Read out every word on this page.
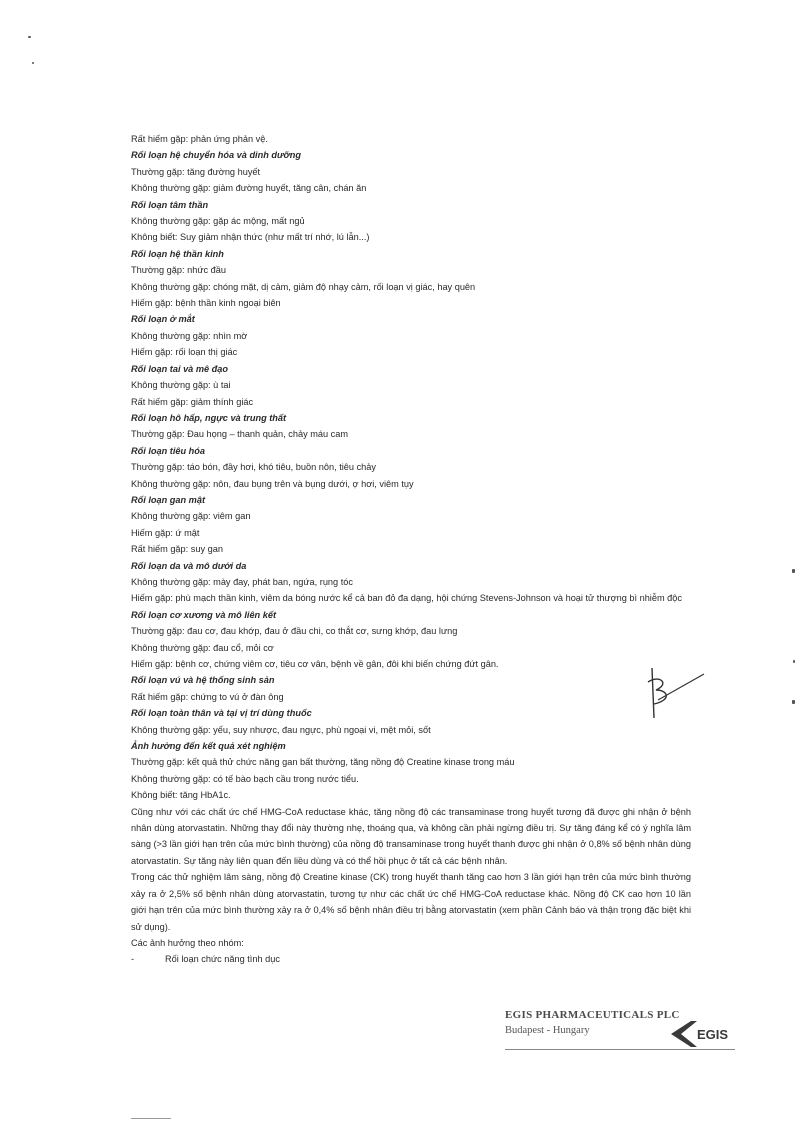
Rất hiếm gặp: phản ứng phản vệ.
Rối loạn hệ chuyển hóa và dinh dưỡng
Thường gặp: tăng đường huyết
Không thường gặp: giảm đường huyết, tăng cân, chán ăn
Rối loạn tâm thần
Không thường gặp: gặp ác mộng, mất ngủ
Không biết: Suy giảm nhận thức (như mất trí nhớ, lú lẫn...)
Rối loạn hệ thần kinh
Thường gặp: nhức đầu
Không thường gặp: chóng mặt, dị cảm, giảm độ nhạy cảm, rối loạn vị giác, hay quên
Hiếm gặp: bệnh thần kinh ngoại biên
Rối loạn ở mắt
Không thường gặp: nhìn mờ
Hiếm gặp: rối loạn thị giác
Rối loạn tai và mê đạo
Không thường gặp: ù tai
Rất hiếm gặp: giảm thính giác
Rối loạn hô hấp, ngực và trung thất
Thường gặp: Đau họng – thanh quản, chảy máu cam
Rối loạn tiêu hóa
Thường gặp: táo bón, đầy hơi, khó tiêu, buồn nôn, tiêu chảy
Không thường gặp: nôn, đau bụng trên và bụng dưới, ợ hơi, viêm tụy
Rối loạn gan mật
Không thường gặp: viêm gan
Hiếm gặp: ứ mật
Rất hiếm gặp: suy gan
Rối loạn da và mô dưới da
Không thường gặp: mày đay, phát ban, ngứa, rụng tóc
Hiếm gặp: phù mạch thần kinh, viêm da bóng nước kể cả ban đỏ đa dạng, hội chứng Stevens-Johnson và hoại tử thượng bì nhiễm độc
Rối loạn cơ xương và mô liên kết
Thường gặp: đau cơ, đau khớp, đau ở đầu chi, co thắt cơ, sưng khớp, đau lưng
Không thường gặp: đau cổ, mỏi cơ
Hiếm gặp: bệnh cơ, chứng viêm cơ, tiêu cơ vân, bệnh về gân, đôi khi biến chứng đứt gân.
Rối loạn vú và hệ thống sinh sản
Rất hiếm gặp: chứng to vú ở đàn ông
Rối loạn toàn thân và tại vị trí dùng thuốc
Không thường gặp: yếu, suy nhược, đau ngực, phù ngoại vi, mệt mỏi, sốt
Ảnh hưởng đến kết quả xét nghiệm
Thường gặp: kết quả thử chức năng gan bất thường, tăng nồng độ Creatine kinase trong máu
Không thường gặp: có tế bào bạch cầu trong nước tiểu.
Không biết: tăng HbA1c.
Cũng như với các chất ức chế HMG-CoA reductase khác, tăng nồng độ các transaminase trong huyết tương đã được ghi nhận ở bệnh nhân dùng atorvastatin. Những thay đổi này thường nhẹ, thoáng qua, và không cần phải ngừng điều trị. Sự tăng đáng kể có ý nghĩa lâm sàng (>3 lần giới hạn trên của mức bình thường) của nồng độ transaminase trong huyết thanh được ghi nhận ở 0,8% số bệnh nhân dùng atorvastatin. Sự tăng này liên quan đến liều dùng và có thể hồi phục ở tất cả các bệnh nhân.
Trong các thử nghiệm lâm sàng, nồng độ Creatine kinase (CK) trong huyết thanh tăng cao hơn 3 lần giới hạn trên của mức bình thường xảy ra ở 2,5% số bệnh nhân dùng atorvastatin, tương tự như các chất ức chế HMG-CoA reductase khác. Nồng độ CK cao hơn 10 lần giới hạn trên của mức bình thường xảy ra ở 0,4% số bệnh nhân điều trị bằng atorvastatin (xem phần Cảnh báo và thận trọng đặc biệt khi sử dụng).
Các ảnh hưởng theo nhóm:
-	Rối loạn chức năng tình dục
EGIS PHARMACEUTICALS PLC
Budapest - Hungary	EGIS
